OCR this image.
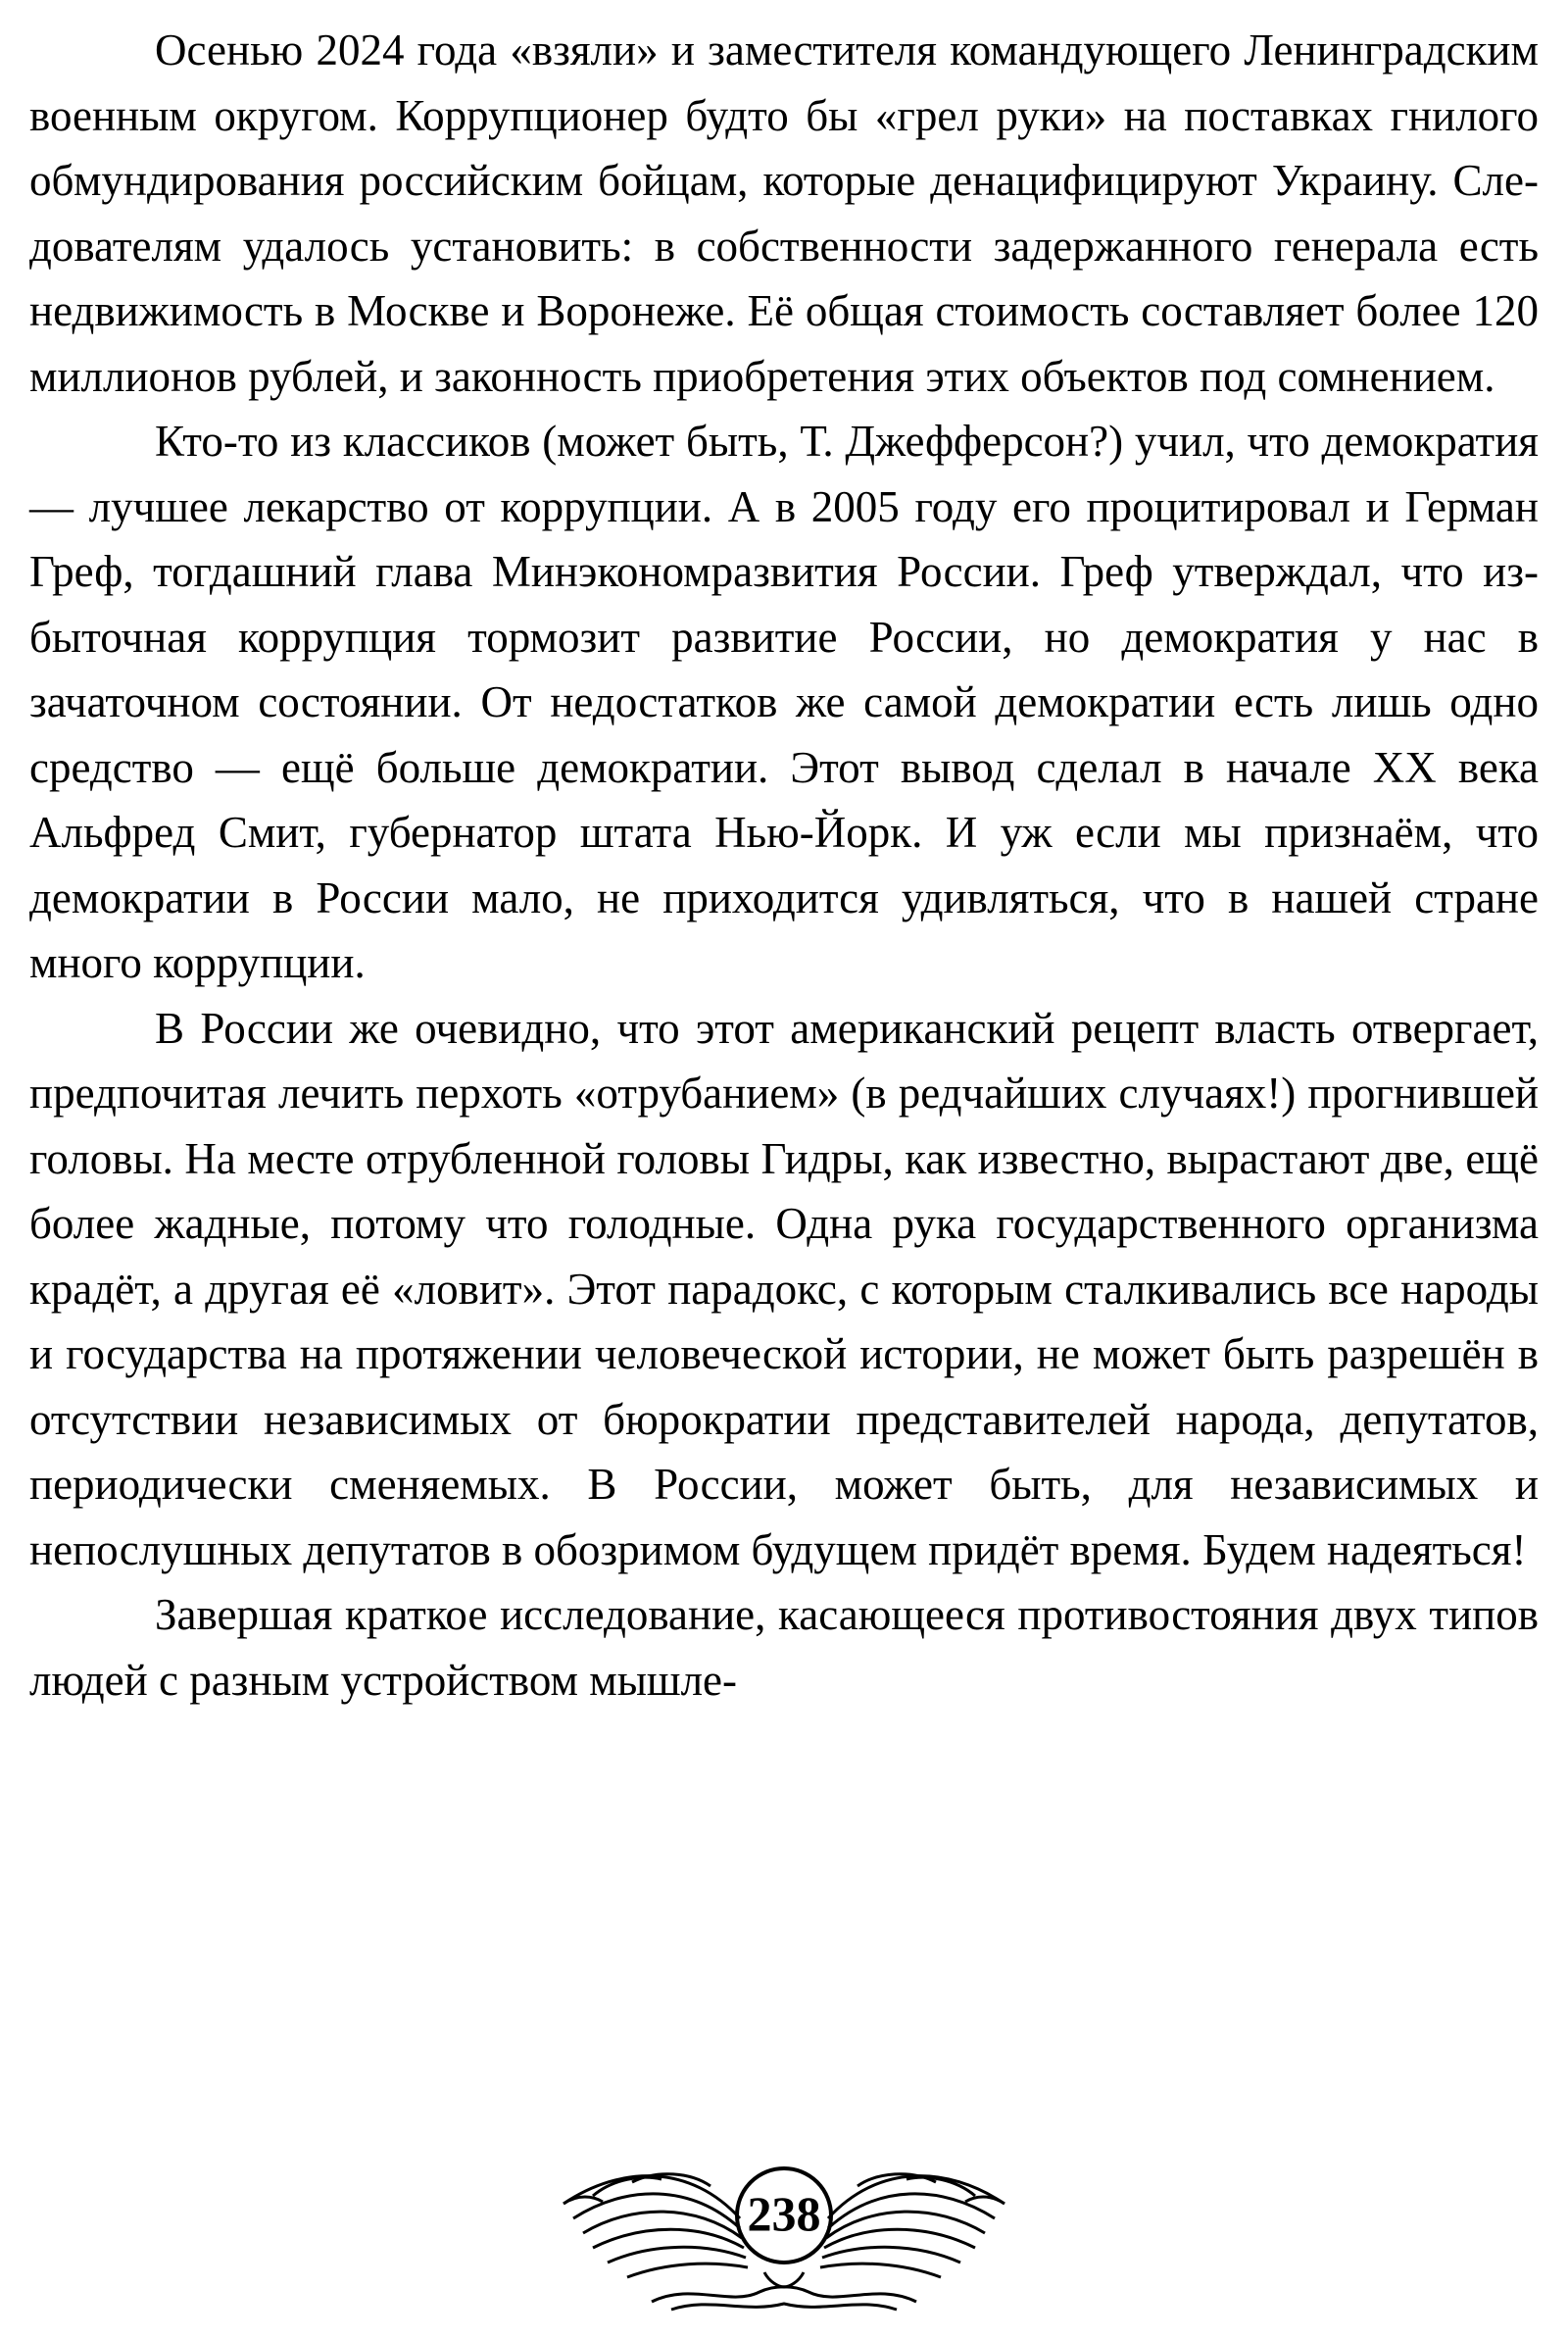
Осенью 2024 года «взяли» и заместителя командующего Ленинградским военным округом. Коррупционер будто бы «грел руки» на поставках гнилого обмундирования российским бойцам, которые денацифицируют Украину. Следователям удалось установить: в собственности задержанного генерала есть недвижимость в Москве и Воронеже. Её общая стоимость составляет более 120 миллионов рублей, и законность приобретения этих объектов под сомнением.

Кто-то из классиков (может быть, Т. Джефферсон?) учил, что демократия — лучшее лекарство от коррупции. А в 2005 году его процитировал и Герман Греф, тогдашний глава Минэкономразвития России. Греф утверждал, что избыточная коррупция тормозит развитие России, но демократия у нас в зачаточном состоянии. От недостатков же самой демократии есть лишь одно средство — ещё больше демократии. Этот вывод сделал в начале XX века Альфред Смит, губернатор штата Нью-Йорк. И уж если мы признаём, что демократии в России мало, не приходится удивляться, что в нашей стране много коррупции.

В России же очевидно, что этот американский рецепт власть отвергает, предпочитая лечить перхоть «отрубанием» (в редчайших случаях!) прогнившей головы. На месте отрубленной головы Гидры, как известно, вырастают две, ещё более жадные, потому что голодные. Одна рука государственного организма крадёт, а другая её «ловит». Этот парадокс, с которым сталкивались все народы и государства на протяжении человеческой истории, не может быть разрешён в отсутствии независимых от бюрократии представителей народа, депутатов, периодически сменяемых. В России, может быть, для независимых и непослушных депутатов в обозримом будущем придёт время. Будем надеяться!

Завершая краткое исследование, касающееся противостояния двух типов людей с разным устройством мышле-

238
